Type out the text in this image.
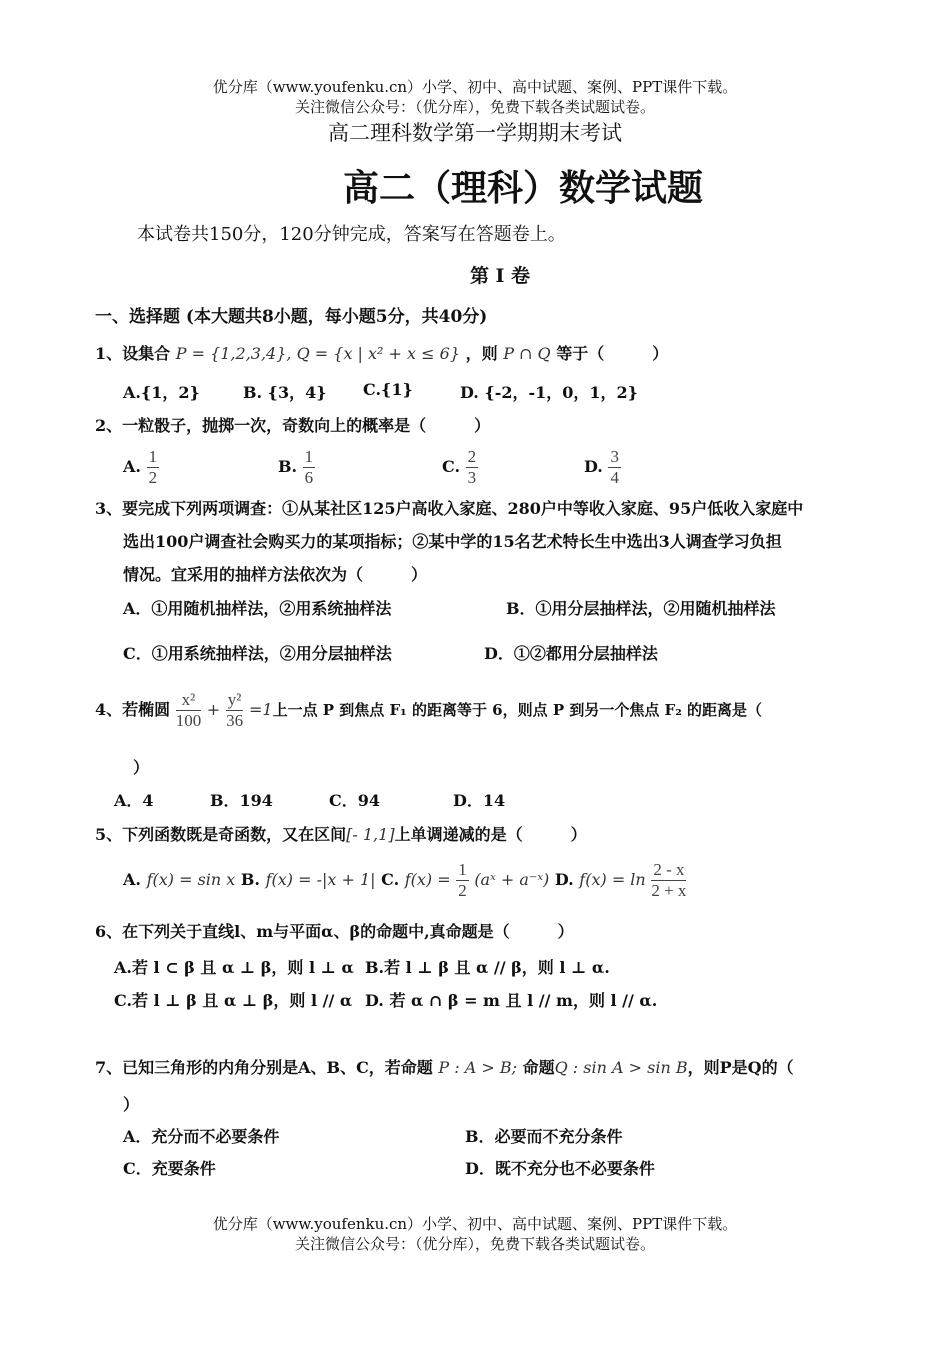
优分库（www.youfenku.cn）小学、初中、高中试题、案例、PPT课件下载。
关注微信公众号：（优分库），免费下载各类试题试卷。
高二理科数学第一学期期末考试
高二（理科）数学试题
本试卷共150分，120分钟完成，答案写在答题卷上。
第 Ⅰ 卷
一、选择题 (本大题共8小题，每小题5分，共40分)
1、设集合 P = {1,2,3,4}, Q = {x | x² + x ≤ 6} ，则 P ∩ Q 等于（　　　）
A.{1，2}	B. {3，4} C.{1}	D. {-2，-1，0，1，2}
2、一粒骰子，抛掷一次，奇数向上的概率是（　　　）
A. $\frac{1}{2}$	B. $\frac{1}{6}$	C. $\frac{2}{3}$	D. $\frac{3}{4}$
3、要完成下列两项调查：①从某社区125户高收入家庭、280户中等收入家庭、95户低收入家庭中
选出100户调查社会购买力的某项指标；②某中学的15名艺术特长生中选出3人调查学习负担
情况。宜采用的抽样方法依次为（　　　）
A．①用随机抽样法，②用系统抽样法	B．①用分层抽样法，②用随机抽样法
C．①用系统抽样法，②用分层抽样法	D．①②都用分层抽样法
4、若椭圆 $\frac{\text{x²}}{100} + \frac{\text{y²}}{36} =1$上一点 P 到焦点 F₁ 的距离等于 6，则点 P 到另一个焦点 F₂ 的距离是（
）
A．4	B．194	C．94	D．14
5、下列函数既是奇函数，又在区间[- 1,1]上单调递减的是（　　　）
A. f(x) = sin x B. f(x) = -|x + 1| C. $f(x) = \frac{1}{2}$ (aˣ + a⁻ˣ) D. $f(x) = \ln \frac{2 - x}{2 + x}$
6、在下列关于直线l、m与平面α、β的命题中,真命题是（　　　）
A.若 l ⊂ β 且 α ⊥ β，则 l ⊥ α B.若 l ⊥ β 且 α // β，则 l ⊥ α.
C.若 l ⊥ β 且 α ⊥ β，则 l // α D. 若 α ∩ β = m 且 l // m，则 l // α.
7、已知三角形的内角分别是A、B、C，若命题 P : A > B; 命题Q : sin A > sin B，则P是Q的（
）
A．充分而不必要条件	B．必要而不充分条件
C．充要条件	D．既不充分也不必要条件
优分库（www.youfenku.cn）小学、初中、高中试题、案例、PPT课件下载。
关注微信公众号：（优分库），免费下载各类试题试卷。
